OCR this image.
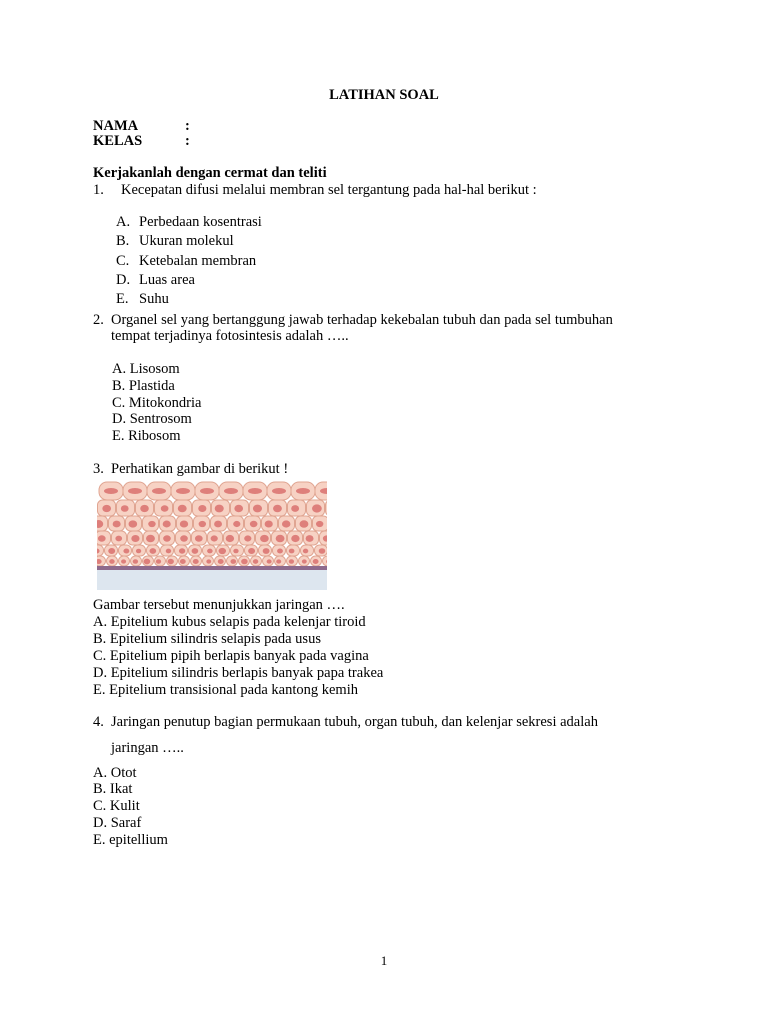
LATIHAN SOAL
NAMA	:
KELAS	:
Kerjakanlah dengan cermat dan teliti
1. Kecepatan difusi melalui membran sel tergantung pada hal-hal berikut :
A. Perbedaan kosentrasi
B. Ukuran molekul
C. Ketebalan membran
D. Luas area
E. Suhu
2. Organel sel yang bertanggung jawab terhadap kekebalan tubuh dan pada sel tumbuhan
tempat terjadinya fotosintesis adalah …..
A. Lisosom
B. Plastida
C. Mitokondria
D. Sentrosom
E. Ribosom
3. Perhatikan gambar di berikut !
Gambar tersebut menunjukkan jaringan ….
A. Epitelium kubus selapis pada kelenjar tiroid
B. Epitelium silindris selapis pada usus
C. Epitelium pipih berlapis banyak pada vagina
D. Epitelium silindris berlapis banyak papa trakea
E. Epitelium transisional pada kantong kemih
4. Jaringan penutup bagian permukaan tubuh, organ tubuh, dan kelenjar sekresi adalah
jaringan …..
A. Otot
B. Ikat
C. Kulit
D. Saraf
E. epitellium
1
